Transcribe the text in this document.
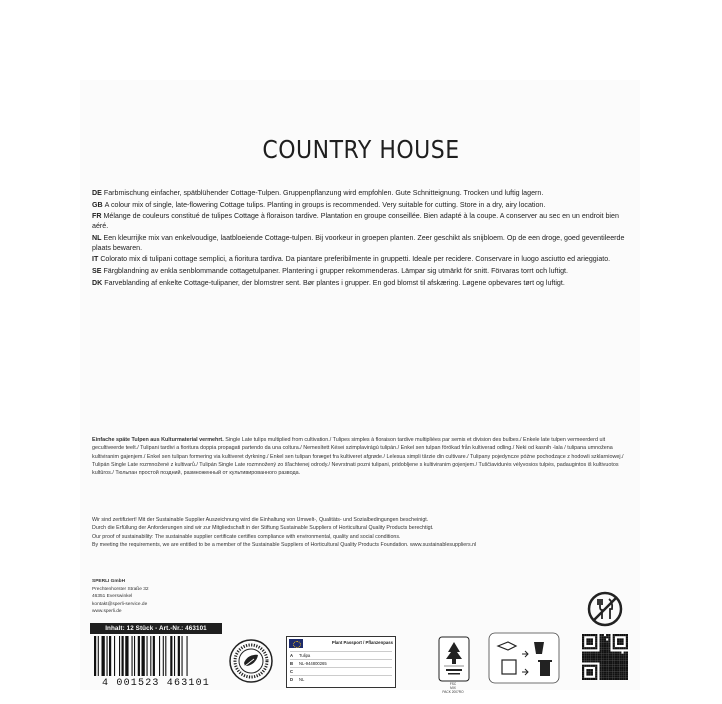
COUNTRY HOUSE

DE Farbmischung einfacher, spätblühender Cottage-Tulpen. Gruppenpflanzung wird empfohlen. Gute Schnitteignung. Trocken und luftig lagern.

GB A colour mix of single, late-flowering Cottage tulips. Planting in groups is recommended. Very suitable for cutting. Store in a dry, airy location.

FR Mélange de couleurs constitué de tulipes Cottage à floraison tardive. Plantation en groupe conseillée. Bien adapté à la coupe. A conserver au sec en un endroit bien aéré.

NL Een kleurrijke mix van enkelvoudige, laatbloeiende Cottage-tulpen. Bij voorkeur in groepen planten. Zeer geschikt als snijbloem. Op de een droge, goed geventileerde plaats bewaren.

IT Colorato mix di tulipani cottage semplici, a fioritura tardiva. Da piantare preferibilmente in gruppetti. Ideale per recidere. Conservare in luogo asciutto ed arieggiato.

SE Färgblandning av enkla senblommande cottagetulpaner. Plantering i grupper rekommenderas. Lämpar sig utmärkt för snitt. Förvaras torrt och luftigt.

DK Farveblanding af enkelte Cottage-tulipaner, der blomstrer sent. Bør plantes i grupper. En god blomst til afskæring. Løgene opbevares tørt og luftigt.

Einfache späte Tulpen aus Kulturmaterial vermehrt. Single Late tulips multiplied from cultivation./ Tulipes simples à floraison tardive multipliées par semis et division des bulbes./ Enkele late tulpen vermeerderd uit gecultiveerde teelt./ Tulipani tardivi a fioritura doppia propagati partendo da una coltura./ Nemesített Kései szimplavirágú tulipán./ Enkel sen tulpan förökad från kultiverad odling./ Neki od kasnih -lala / tulipana umnožena kultiviranim gajenjem./ Enkel sen tulipan formering via kultiveret dyrkning./ Enkel sen tulipan foræget fra kultiveret afgrøde./ Lelesua simpli târzie din cultivare./ Tulipany pojedyncze późne pochodzące z hodowli szklarniowej./ Tulipán Single Late rozmnožené z kultivarů./ Tulipán Single Late rozmnožený zo šľachtenej odrody./ Nevrstnati pozni tulipani, pridobljene s kultiviranim gojenjem./ Tuščiavidurės vėlyvosios tulpės, padaugintos iš kultivuotos kultūros./ Тюльпан простой поздний, размноженный от культивированного развода.

Wir sind zertifiziert! Mit der Sustainable Supplier Auszeichnung wird die Einhaltung von Umwelt-, Qualitäts- und Sozialbedingungen bescheinigt.

Durch die Erfüllung der Anforderungen sind wir zur Mitgliedschaft in der Stiftung Sustainable Suppliers of Horticultural Quality Products berechtigt.

Our proof of sustainability: The sustainable supplier certificate certifies compliance with environmental, quality and social conditions.

By meeting the requirements, we are entitled to be a member of the Sustainable Suppliers of Horticultural Quality Products Foundation. www.sustainablesuppliers.nl

SPERLI GmbH
Prechtenhorster Straße 32
46351 Everswinkel
kontakt@sperli-service.de
www.sperli.de
Inhalt: 12 Stück - Art.-Nr.: 463101
4 001523 463101
Plant Passport / Pflanzenpass
A Tulipa
B NL-944800265
C
D NL
FSC
MIX
PACK 2007RO
